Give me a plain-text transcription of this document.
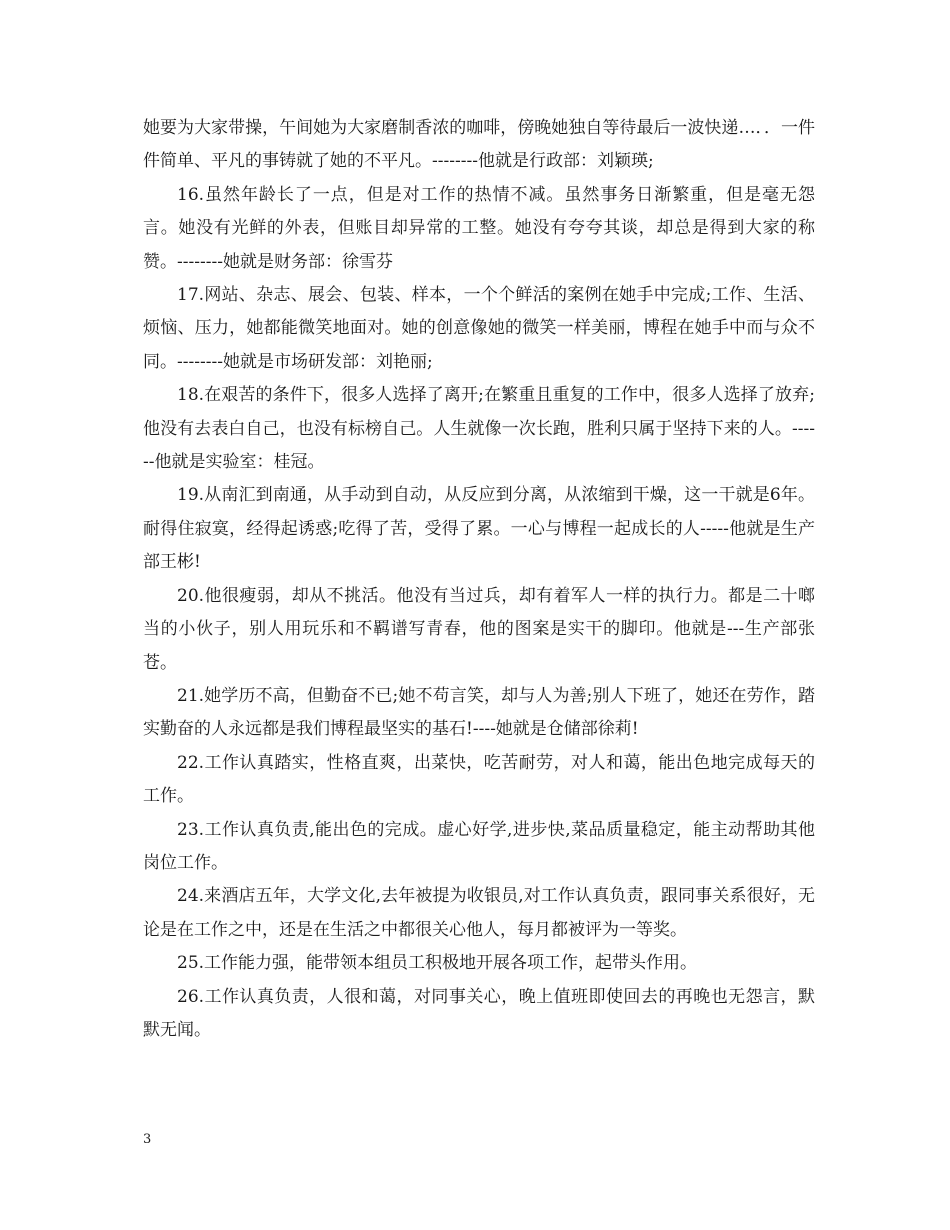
她要为大家带操，午间她为大家磨制香浓的咖啡，傍晚她独自等待最后一波快递…．．一件件简单、平凡的事铸就了她的不平凡。--------他就是行政部：刘颖瑛;

16.虽然年龄长了一点，但是对工作的热情不减。虽然事务日渐繁重，但是毫无怨言。她没有光鲜的外表，但账目却异常的工整。她没有夸夸其谈，却总是得到大家的称赞。--------她就是财务部：徐雪芬

17.网站、杂志、展会、包装、样本，一个个鲜活的案例在她手中完成;工作、生活、烦恼、压力，她都能微笑地面对。她的创意像她的微笑一样美丽，博程在她手中而与众不同。--------她就是市场研发部：刘艳丽;

18.在艰苦的条件下，很多人选择了离开;在繁重且重复的工作中，很多人选择了放弃;他没有去表白自己，也没有标榜自己。人生就像一次长跑，胜利只属于坚持下来的人。------他就是实验室：桂冠。

19.从南汇到南通，从手动到自动，从反应到分离，从浓缩到干燥，这一干就是6年。耐得住寂寞，经得起诱惑;吃得了苦，受得了累。一心与博程一起成长的人-----他就是生产部王彬!

20.他很瘦弱，却从不挑活。他没有当过兵，却有着军人一样的执行力。都是二十啷当的小伙子，别人用玩乐和不羁谱写青春，他的图案是实干的脚印。他就是---生产部张苍。

21.她学历不高，但勤奋不已;她不苟言笑，却与人为善;别人下班了，她还在劳作，踏实勤奋的人永远都是我们博程最坚实的基石!----她就是仓储部徐莉!

22.工作认真踏实，性格直爽，出菜快，吃苦耐劳，对人和蔼，能出色地完成每天的工作。

23.工作认真负责,能出色的完成。虚心好学,进步快,菜品质量稳定，能主动帮助其他岗位工作。

24.来酒店五年，大学文化,去年被提为收银员,对工作认真负责，跟同事关系很好，无论是在工作之中，还是在生活之中都很关心他人，每月都被评为一等奖。

25.工作能力强，能带领本组员工积极地开展各项工作，起带头作用。

26.工作认真负责，人很和蔼，对同事关心，晚上值班即使回去的再晚也无怨言，默默无闻。

3
